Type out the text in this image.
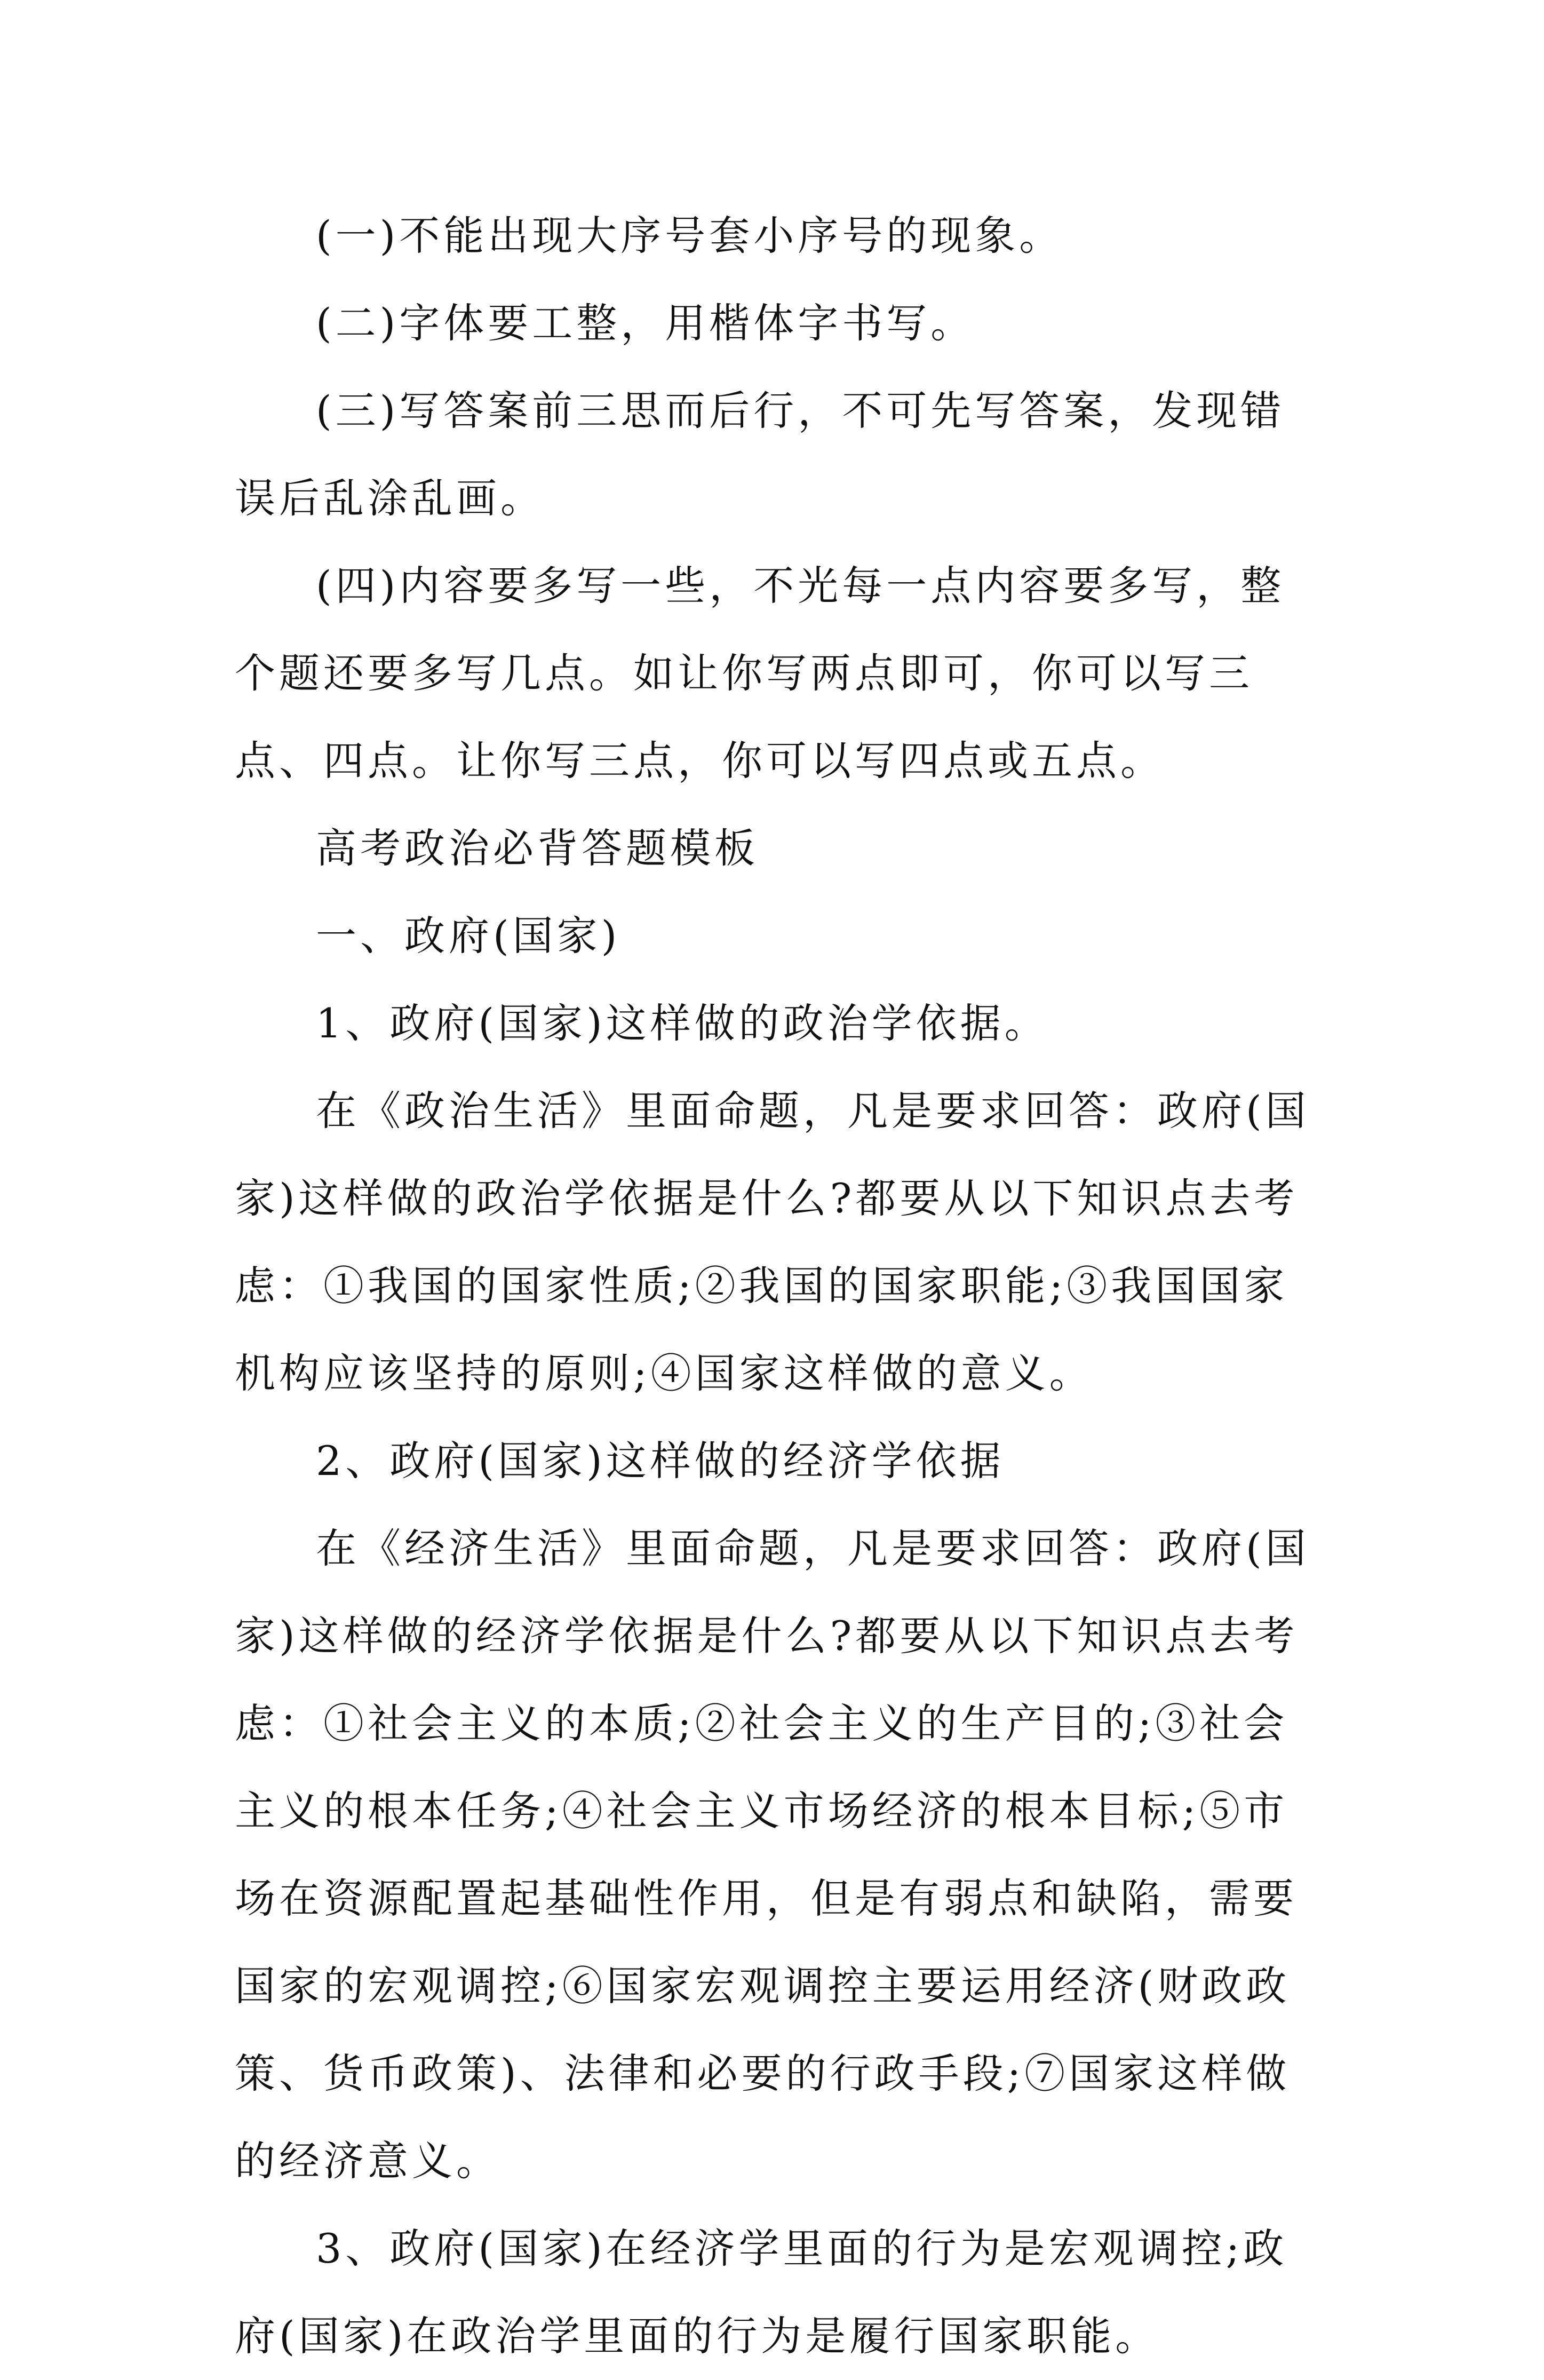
(一)不能出现大序号套小序号的现象。

(二)字体要工整，用楷体字书写。

(三)写答案前三思而后行，不可先写答案，发现错误后乱涂乱画。

(四)内容要多写一些，不光每一点内容要多写，整个题还要多写几点。如让你写两点即可，你可以写三点、四点。让你写三点，你可以写四点或五点。

高考政治必背答题模板

一、政府(国家)

1、政府(国家)这样做的政治学依据。

在《政治生活》里面命题，凡是要求回答：政府(国家)这样做的政治学依据是什么?都要从以下知识点去考虑：①我国的国家性质;②我国的国家职能;③我国国家机构应该坚持的原则;④国家这样做的意义。

2、政府(国家)这样做的经济学依据

在《经济生活》里面命题，凡是要求回答：政府(国家)这样做的经济学依据是什么?都要从以下知识点去考虑：①社会主义的本质;②社会主义的生产目的;③社会主义的根本任务;④社会主义市场经济的根本目标;⑤市场在资源配置起基础性作用，但是有弱点和缺陷，需要国家的宏观调控;⑥国家宏观调控主要运用经济(财政政策、货币政策)、法律和必要的行政手段;⑦国家这样做的经济意义。

3、政府(国家)在经济学里面的行为是宏观调控;政府(国家)在政治学里面的行为是履行国家职能。
